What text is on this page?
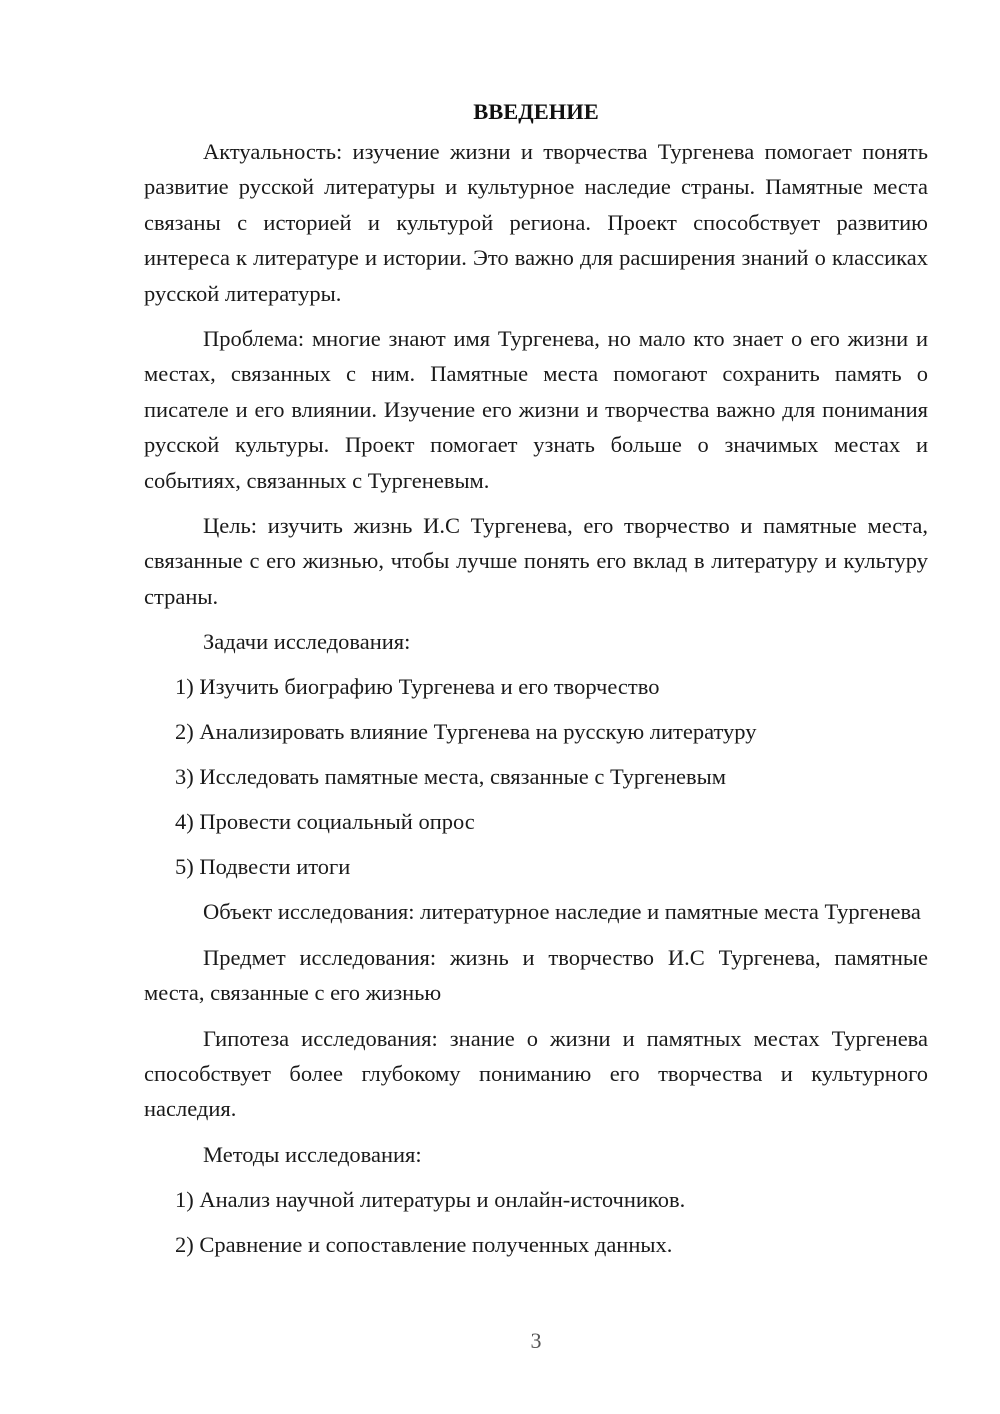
ВВЕДЕНИЕ

Актуальность: изучение жизни и творчества Тургенева помогает понять развитие русской литературы и культурное наследие страны. Памятные места связаны с историей и культурой региона. Проект способствует развитию интереса к литературе и истории. Это важно для расширения знаний о классиках русской литературы.

Проблема: многие знают имя Тургенева, но мало кто знает о его жизни и местах, связанных с ним. Памятные места помогают сохранить память о писателе и его влиянии. Изучение его жизни и творчества важно для понимания русской культуры. Проект помогает узнать больше о значимых местах и событиях, связанных с Тургеневым.

Цель: изучить жизнь И.С Тургенева, его творчество и памятные места, связанные с его жизнью, чтобы лучше понять его вклад в литературу и культуру страны.

Задачи исследования:
1) Изучить биографию Тургенева и его творчество
2) Анализировать влияние Тургенева на русскую литературу
3) Исследовать памятные места, связанные с Тургеневым
4) Провести социальный опрос
5) Подвести итоги

Объект исследования: литературное наследие и памятные места Тургенева

Предмет исследования: жизнь и творчество И.С Тургенева, памятные места, связанные с его жизнью

Гипотеза исследования: знание о жизни и памятных местах Тургенева способствует более глубокому пониманию его творчества и культурного наследия.

Методы исследования:
1) Анализ научной литературы и онлайн-источников.
2) Сравнение и сопоставление полученных данных.
3
